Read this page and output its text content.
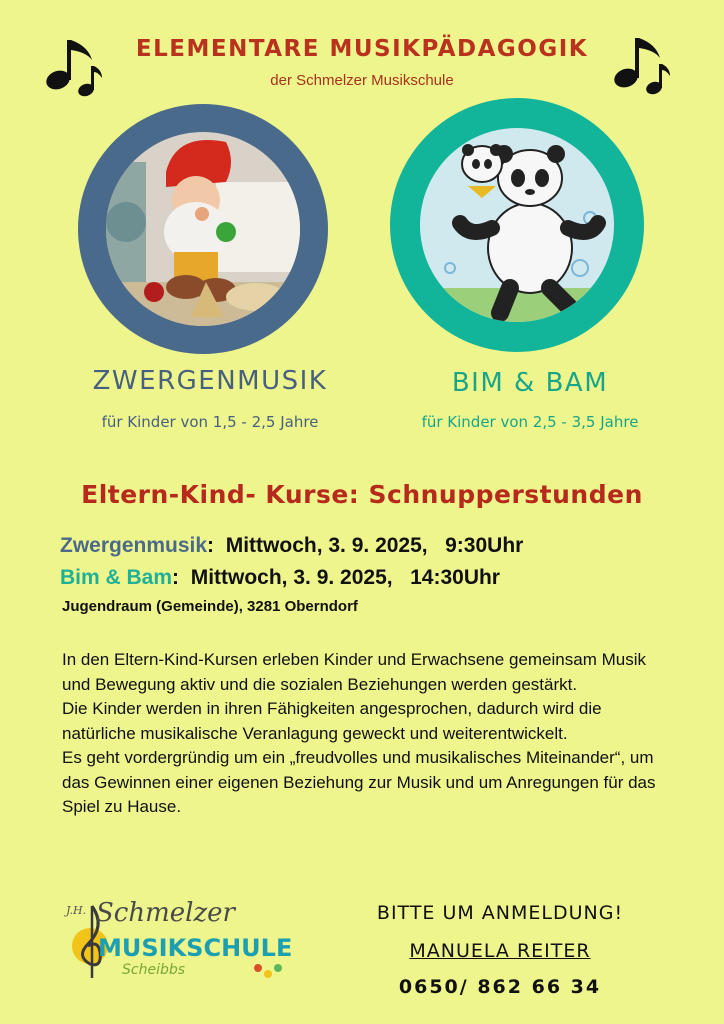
ELEMENTARE MUSIKPÄDAGOGIK
der Schmelzer Musikschule
ZWERGENMUSIK
für Kinder von 1,5 - 2,5 Jahre
BIM & BAM
für Kinder von 2,5 - 3,5 Jahre
Eltern-Kind- Kurse: Schnupperstunden
Zwergenmusik:  Mittwoch, 3. 9. 2025,   9:30Uhr
Bim & Bam:  Mittwoch, 3. 9. 2025,   14:30Uhr
Jugendraum (Gemeinde), 3281 Oberndorf

In den Eltern-Kind-Kursen erleben Kinder und Erwachsene gemeinsam Musik und Bewegung aktiv und die sozialen Beziehungen werden gestärkt.

Die Kinder werden in ihren Fähigkeiten angesprochen, dadurch wird die natürliche musikalische Veranlagung geweckt und weiterentwickelt.

Es geht vordergründig um ein „freudvolles und musikalisches Miteinander“, um das Gewinnen einer eigenen Beziehung zur Musik und um Anregungen für das Spiel zu Hause.

J.H. Schmelzer
MUSIKSCHULE
Scheibbs
BITTE UM ANMELDUNG!
MANUELA REITER
0650/ 862 66 34
